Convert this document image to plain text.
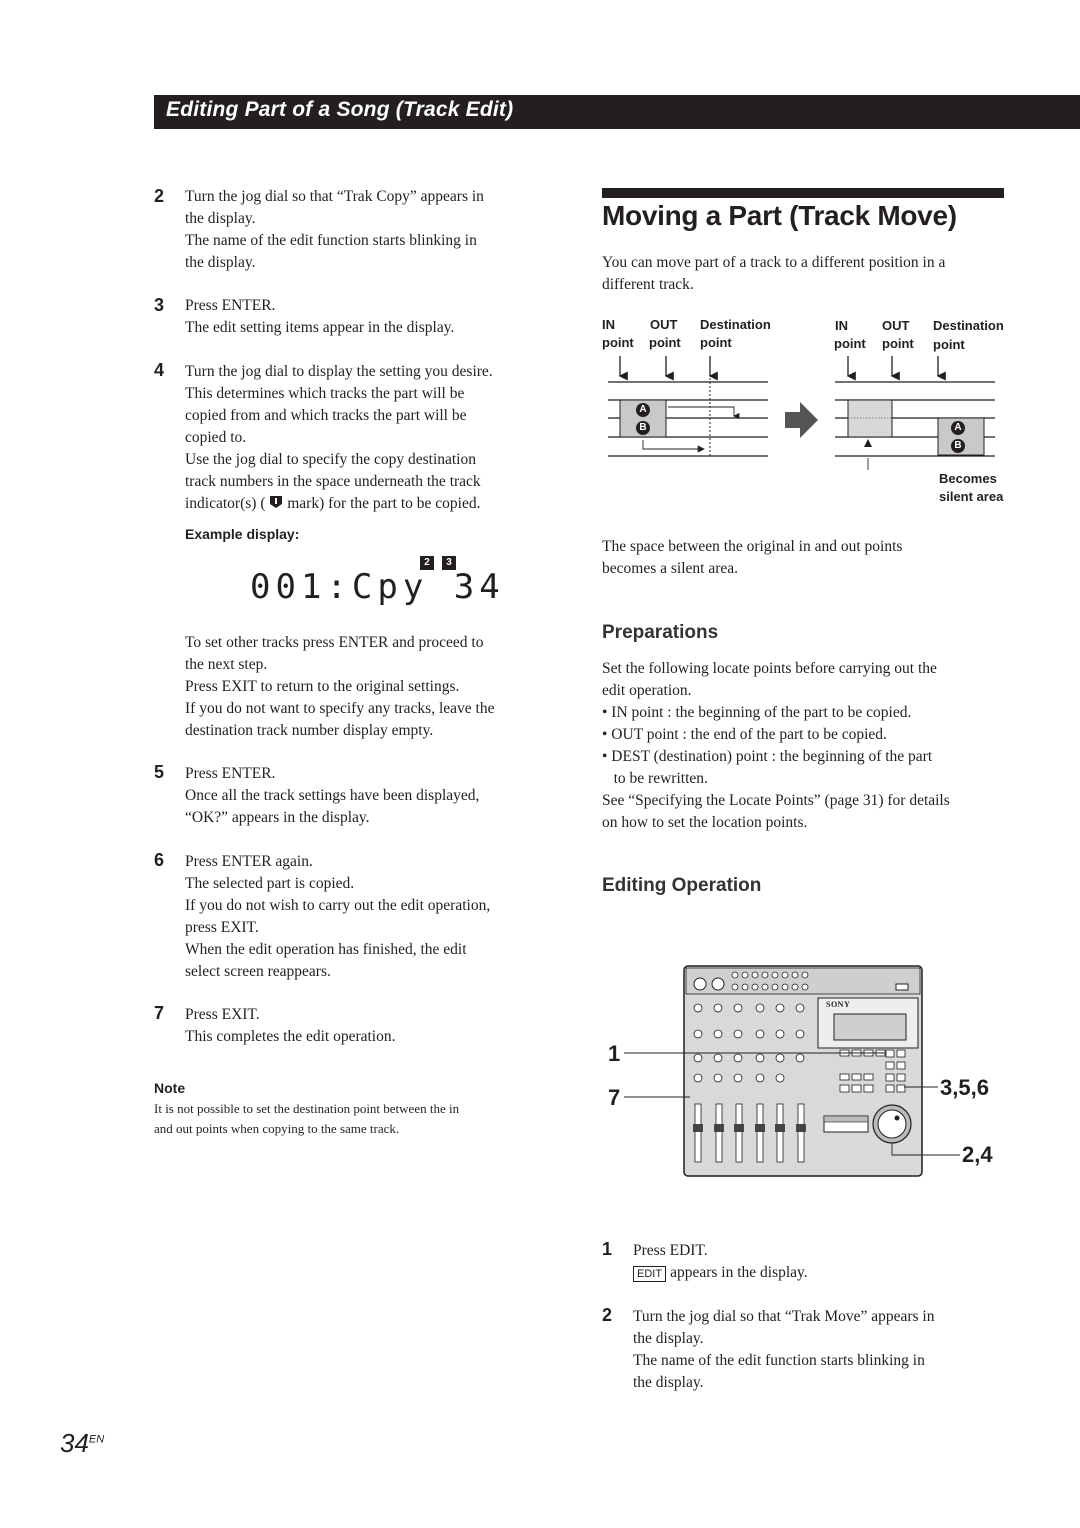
Editing Part of a Song (Track Edit)
2 Turn the jog dial so that “Trak Copy” appears in

the display.

The name of the edit function starts blinking in

the display.

3 Press ENTER.

The edit setting items appear in the display.

4 Turn the jog dial to display the setting you desire.

This determines which tracks the part will be

copied from and which tracks the part will be

copied to.

Use the jog dial to specify the copy destination

track numbers in the space underneath the track

indicator(s) ( mark) for the part to be copied.

Example display:
2	3
001:Cpy 34

To set other tracks press ENTER and proceed to

the next step.

Press EXIT to return to the original settings.

If you do not want to specify any tracks, leave the

destination track number display empty.

5 Press ENTER.

Once all the track settings have been displayed,

“OK?” appears in the display.

6 Press ENTER again.

The selected part is copied.

If you do not wish to carry out the edit operation,

press EXIT.

When the edit operation has finished, the edit

select screen reappears.

7 Press EXIT.

This completes the edit operation.

Note

It is not possible to set the destination point between the in

and out points when copying to the same track.

Moving a Part (Track Move)

You can move part of a track to a different position in a

different track.

IN
point
OUT
point
Destination
point
IN
point
OUT
point
Destination
point
A
B	A
B
Becomes
silent area

The space between the original in and out points

becomes a silent area.

Preparations

Set the following locate points before carrying out the

edit operation.

• IN point : the beginning of the part to be copied.

• OUT point : the end of the part to be copied.

• DEST (destination) point : the beginning of the part

to be rewritten.

See “Specifying the Locate Points” (page 31) for details

on how to set the location points.

Editing Operation
SONY
1
7	3,5,6
2,4
1 Press EDIT.

EDIT appears in the display.

2 Turn the jog dial so that “Trak Move” appears in

the display.

The name of the edit function starts blinking in

the display.

$34^{EN}$
